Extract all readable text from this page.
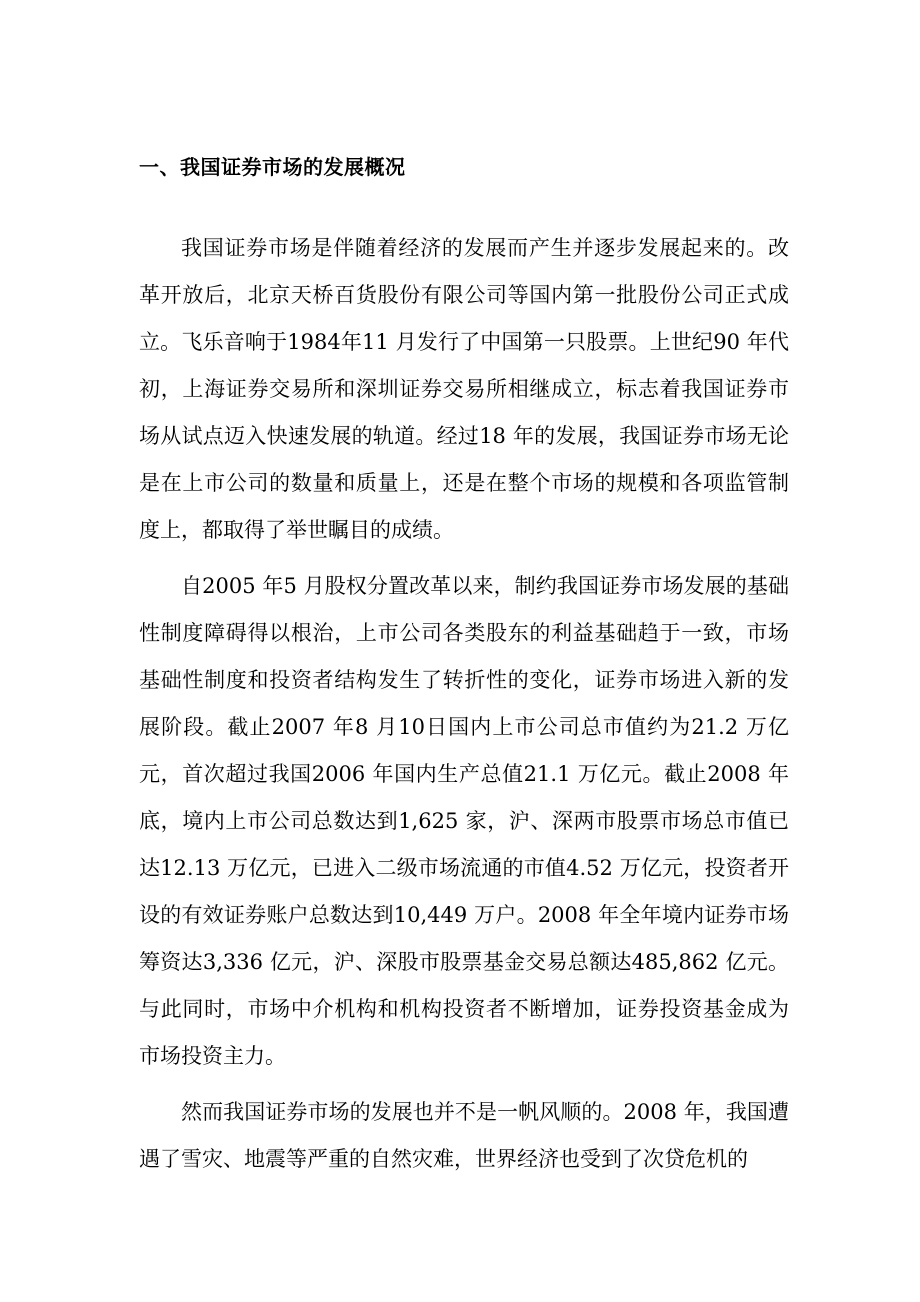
一、我国证券市场的发展概况

我国证券市场是伴随着经济的发展而产生并逐步发展起来的。改革开放后，北京天桥百货股份有限公司等国内第一批股份公司正式成立。飞乐音响于1984年11 月发行了中国第一只股票。上世纪90 年代初，上海证券交易所和深圳证券交易所相继成立，标志着我国证券市场从试点迈入快速发展的轨道。经过18 年的发展，我国证券市场无论是在上市公司的数量和质量上，还是在整个市场的规模和各项监管制度上，都取得了举世瞩目的成绩。

自2005 年5 月股权分置改革以来，制约我国证券市场发展的基础性制度障碍得以根治，上市公司各类股东的利益基础趋于一致，市场基础性制度和投资者结构发生了转折性的变化，证券市场进入新的发展阶段。截止2007 年8 月10日国内上市公司总市值约为21.2 万亿元，首次超过我国2006 年国内生产总值21.1 万亿元。截止2008 年底，境内上市公司总数达到1,625 家，沪、深两市股票市场总市值已达12.13 万亿元，已进入二级市场流通的市值4.52 万亿元，投资者开设的有效证券账户总数达到10,449 万户。2008 年全年境内证券市场筹资达3,336 亿元，沪、深股市股票基金交易总额达485,862 亿元。与此同时，市场中介机构和机构投资者不断增加，证券投资基金成为市场投资主力。

然而我国证券市场的发展也并不是一帆风顺的。2008 年，我国遭遇了雪灾、地震等严重的自然灾难，世界经济也受到了次贷危机的
